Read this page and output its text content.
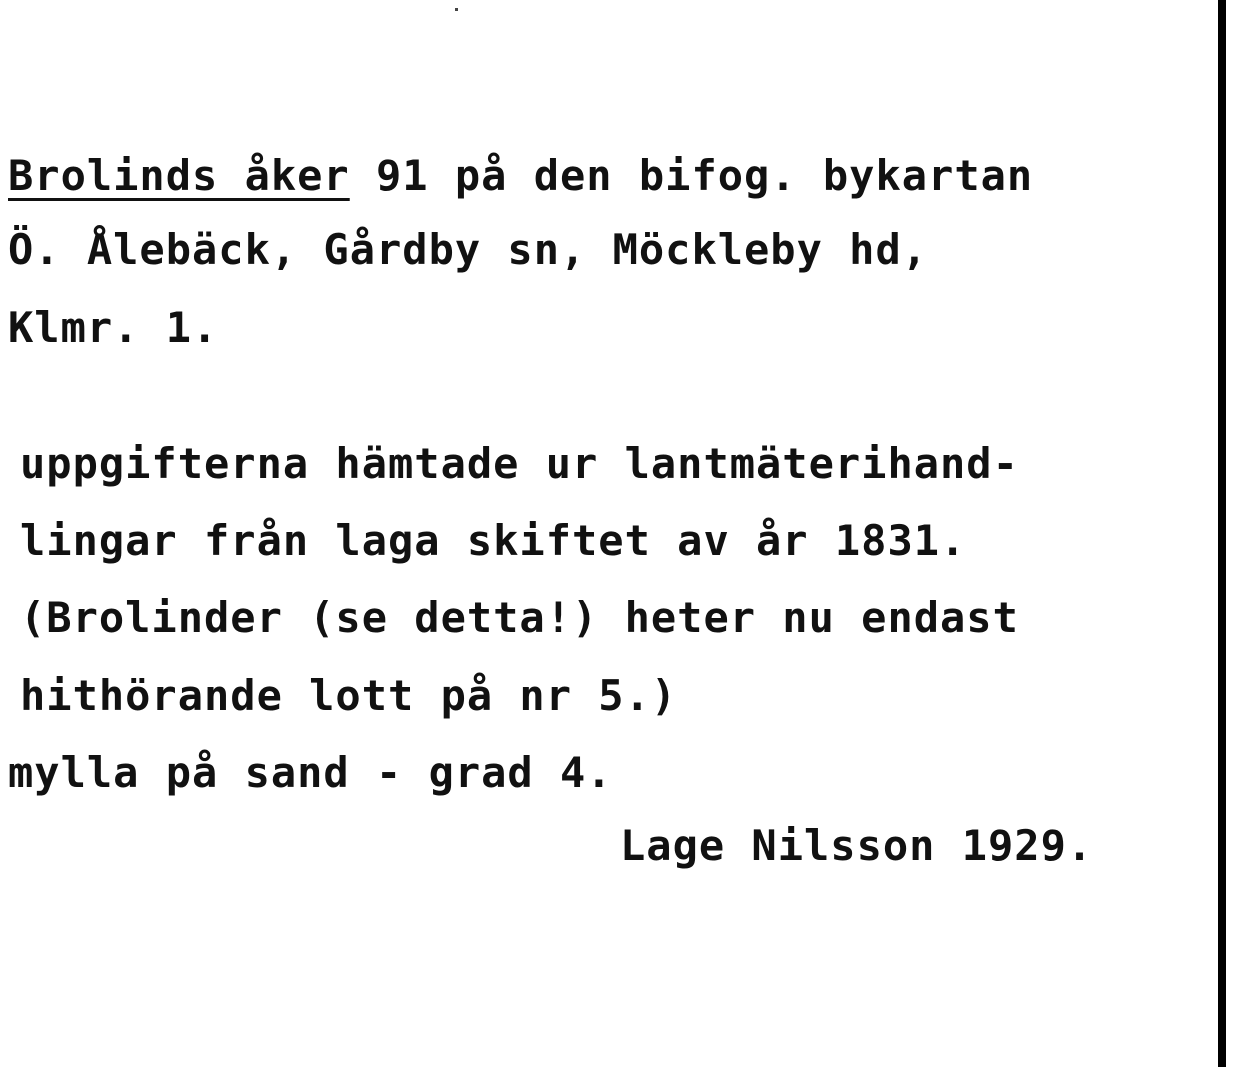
Brolinds åker 91 på den bifog. bykartan

Ö. Ålebäck, Gårdby sn, Möckleby hd,

Klmr. 1.

uppgifterna hämtade ur lantmäterihand-

lingar från laga skiftet av år 1831.

(Brolinder (se detta!) heter nu endast

hithörande lott på nr 5.)

mylla på sand - grad 4.

Lage Nilsson 1929.
